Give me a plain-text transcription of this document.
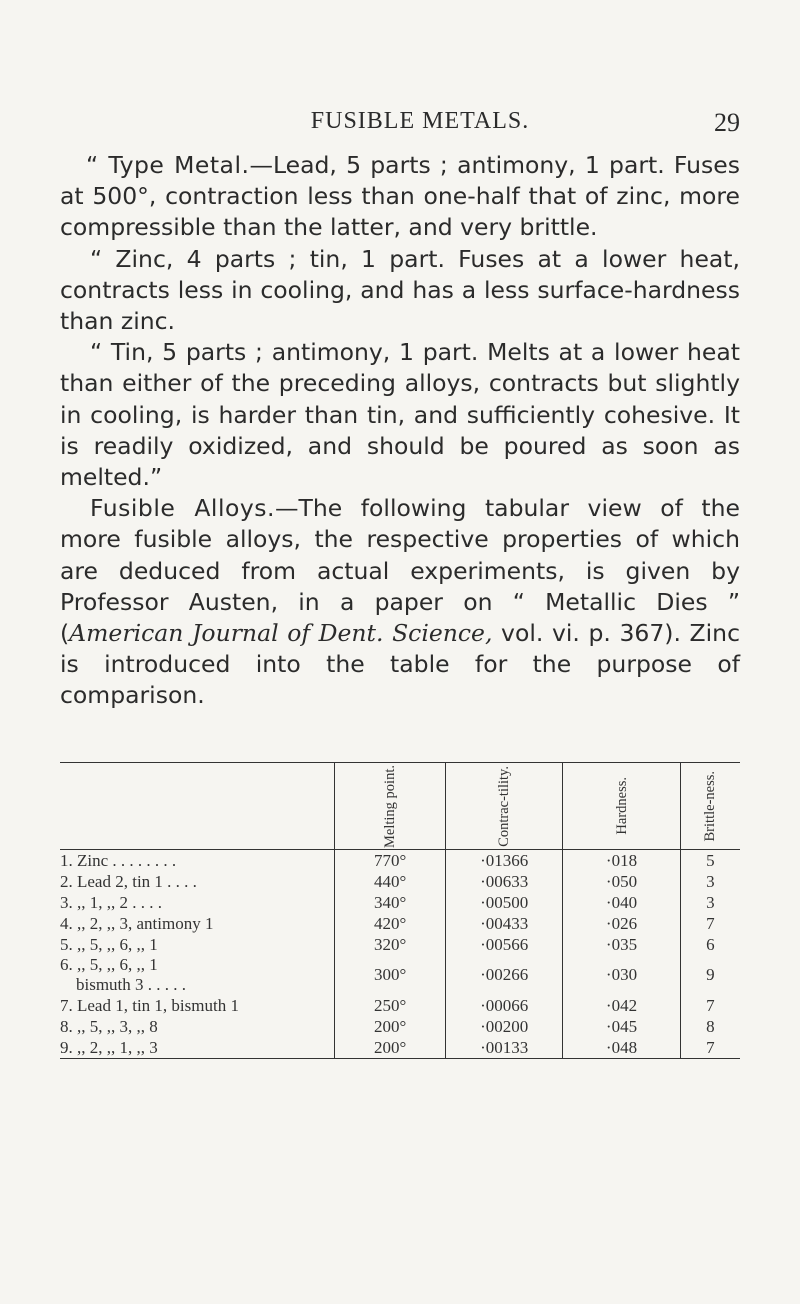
FUSIBLE METALS.	29

“ Type Metal.—Lead, 5 parts ; antimony, 1 part. Fuses at 500°, contraction less than one-half that of zinc, more compressible than the latter, and very brittle.

“ Zinc, 4 parts ; tin, 1 part. Fuses at a lower heat, contracts less in cooling, and has a less surface-hardness than zinc.

“ Tin, 5 parts ; antimony, 1 part. Melts at a lower heat than either of the preceding alloys, contracts but slightly in cooling, is harder than tin, and sufficiently cohesive. It is readily oxidized, and should be poured as soon as melted.”

Fusible Alloys.—The following tabular view of the more fusible alloys, the respective properties of which are deduced from actual experiments, is given by Professor Austen, in a paper on “ Metallic Dies ” (American Journal of Dent. Science, vol. vi. p. 367). Zinc is introduced into the table for the purpose of comparison.

	Melting point.	Contrac-tility.	Hardness.	Brittle-ness.

1. Zinc . . . . . . . .	770°	·01366	·018	5
2. Lead 2, tin 1 . . . .	440°	·00633	·050	3
3. ,, 1, ,, 2 . . . .	340°	·00500	·040	3
4. ,, 2, ,, 3, antimony 1	420°	·00433	·026	7
5. ,, 5, ,, 6, ,, 1	320°	·00566	·035	6

6. ,, 5, ,, 6, ,, 1
bismuth 3 . . . . .	300°	·00266	·030	9
7. Lead 1, tin 1, bismuth 1	250°	·00066	·042	7
8. ,, 5, ,, 3, ,, 8	200°	·00200	·045	8
9. ,, 2, ,, 1, ,, 3	200°	·00133	·048	7
